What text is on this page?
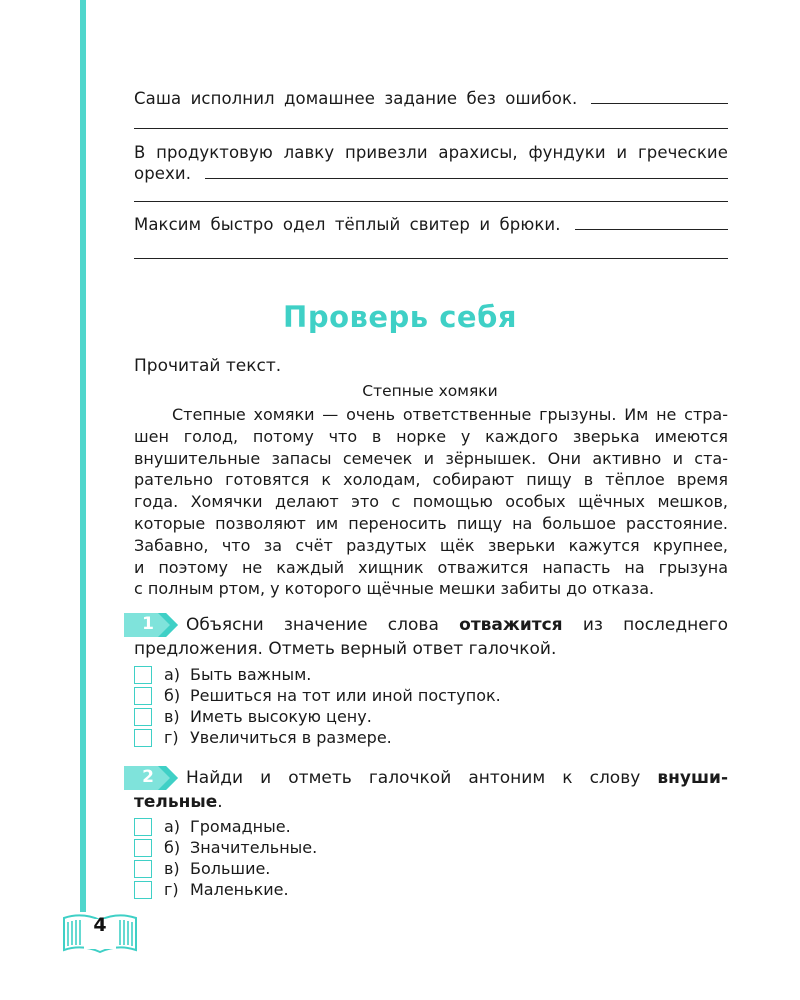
Саша исполнил домашнее задание без ошибок.
В продуктовую лавку привезли арахисы, фундуки и греческие
орехи.
Максим быстро одел тёплый свитер и брюки.
Проверь себя
Прочитай текст.
Степные хомяки
Степные хомяки — очень ответственные грызуны. Им не стра-
шен голод, потому что в норке у каждого зверька имеются
внушительные запасы семечек и зёрнышек. Они активно и ста-
рательно готовятся к холодам, собирают пищу в тёплое время
года. Хомячки делают это с помощью особых щёчных мешков,
которые позволяют им переносить пищу на большое расстояние.
Забавно, что за счёт раздутых щёк зверьки кажутся крупнее,
и поэтому не каждый хищник отважится напасть на грызуна
с полным ртом, у которого щёчные мешки забиты до отказа.
1 Объясни значение слова отважится из последнего
предложения. Отметь верный ответ галочкой.
а) Быть важным.
б) Решиться на тот или иной поступок.
в) Иметь высокую цену.
г) Увеличиться в размере.
2 Найди и отметь галочкой антоним к слову внуши-
тельные.
а) Громадные.
б) Значительные.
в) Большие.
г) Маленькие.
4
